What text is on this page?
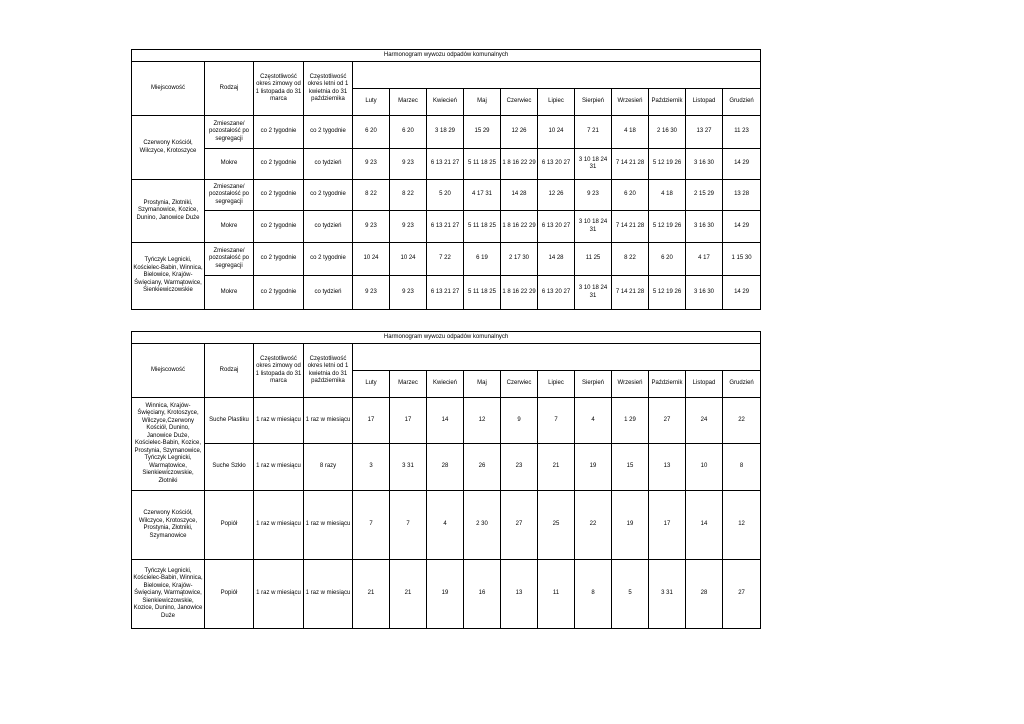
Harmonogram wywozu odpadów komunalnych														
Miejscowość	Rodzaj	Częstotliwość okres zimowy od 1 listopada do 31 marca	Częstotliwość okres letni od 1 kwietnia do 31 października											
				Luty	Marzec	Kwiecień	Maj	Czerwiec	Lipiec	Sierpień	Wrzesień	Październik	Listopad	Grudzień
Czerwony Kościół, Wilczyce, Krotoszyce	Zmieszane/ pozostałość po segregacji	co 2 tygodnie	co 2 tygodnie	6 20	6 20	3 18 29	15 29	12 26	10 24	7 21	4 18	2 16 30	13 27	11 23
	Mokre	co 2 tygodnie	co tydzień	9 23	9 23	6 13 21 27	5 11 18 25	1 8 16 22 29	6 13 20 27	3 10 18 24 31	7 14 21 28	5 12 19 26	3 16 30	14 29
Prostynia, Złotniki, Szymanowice, Kozice, Dunino, Janowice Duże	Zmieszane/ pozostałość po segregacji	co 2 tygodnie	co 2 tygodnie	8 22	8 22	5 20	4 17 31	14 28	12 26	9 23	6 20	4 18	2 15 29	13 28
	Mokre	co 2 tygodnie	co tydzień	9 23	9 23	6 13 21 27	5 11 18 25	1 8 16 22 29	6 13 20 27	3 10 18 24 31	7 14 21 28	5 12 19 26	3 16 30	14 29
Tyńczyk Legnicki, Kościelec-Babin, Winnica, Bielowice, Krajów-Święciany, Warmątowice, Sienkiewiczowskie	Zmieszane/ pozostałość po segregacji	co 2 tygodnie	co 2 tygodnie	10 24	10 24	7 22	6 19	2 17 30	14 28	11 25	8 22	6 20	4 17	1 15 30
	Mokre	co 2 tygodnie	co tydzień	9 23	9 23	6 13 21 27	5 11 18 25	1 8 16 22 29	6 13 20 27	3 10 18 24 31	7 14 21 28	5 12 19 26	3 16 30	14 29
Harmonogram wywozu odpadów komunalnych														
Miejscowość	Rodzaj	Częstotliwość okres zimowy od 1 listopada do 31 marca	Częstotliwość okres letni od 1 kwietnia do 31 października											
				Luty	Marzec	Kwiecień	Maj	Czerwiec	Lipiec	Sierpień	Wrzesień	Październik	Listopad	Grudzień
Winnica, Krajów-Święciany, Krotoszyce, Wilczyce,Czerwony Kościół, Dunino, Janowice Duże, Kościelec-Babin, Kozice, Prostynia, Szymanowice, Tyńczyk Legnicki, Warmątowice, Sienkiewiczowskie, Złotniki	Suche Plastiku	1 raz w miesiącu	1 raz w miesiącu	17	17	14	12	9	7	4	1 29	27	24	22
	Suche Szkło	1 raz w miesiącu	8 razy	3	3 31	28	26	23	21	19	15	13	10	8
Czerwony Kościół, Wilczyce, Krotoszyce, Prostynia, Złotniki, Szymanowice	Popiół	1 raz w miesiącu	1 raz w miesiącu	7	7	4	2 30	27	25	22	19	17	14	12
Tyńczyk Legnicki, Kościelec-Babin, Winnica, Bielowice, Krajów-Święciany, Warmątowice, Sienkiewiczowskie, Kozice, Dunino, Janowice Duże	Popiół	1 raz w miesiącu	1 raz w miesiącu	21	21	19	16	13	11	8	5	3 31	28	27
